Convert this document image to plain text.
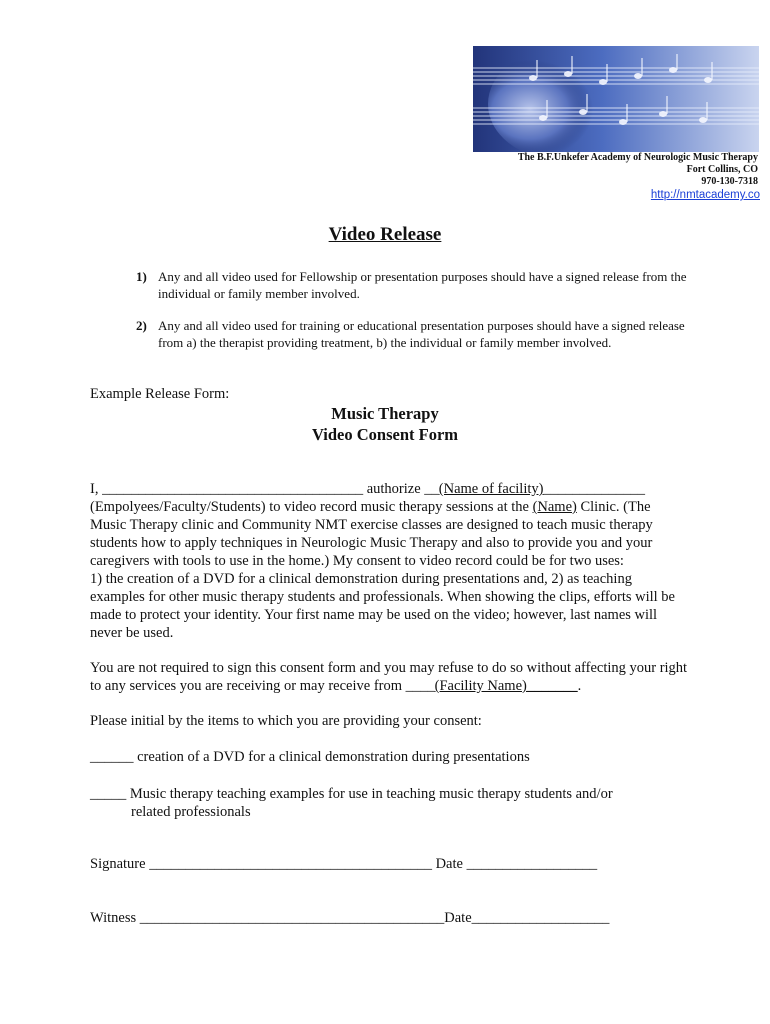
The B.F.Unkefer Academy of Neurologic Music Therapy
Fort Collins, CO
970-130-7318
http://nmtacademy.co
Video Release
1) Any and all video used for Fellowship or presentation purposes should have a signed release from the individual or family member involved.
2) Any and all video used for training or educational presentation purposes should have a signed release from a) the therapist providing treatment, b) the individual or family member involved.
Example Release Form:
Music Therapy
Video Consent Form
I, ____________________________________ authorize __(Name of facility)______________ (Empolyees/Faculty/Students) to video record music therapy sessions at the (Name) Clinic. (The Music Therapy clinic and Community NMT exercise classes are designed to teach music therapy students how to apply techniques in Neurologic Music Therapy and also to provide you and your caregivers with tools to use in the home.) My consent to video record could be for two uses:
1) the creation of a DVD for a clinical demonstration during presentations and, 2) as teaching examples for other music therapy students and professionals. When showing the clips, efforts will be made to protect your identity. Your first name may be used on the video; however, last names will never be used.
You are not required to sign this consent form and you may refuse to do so without affecting your right to any services you are receiving or may receive from ____(Facility Name)_______.
Please initial by the items to which you are providing your consent:
______ creation of a DVD for a clinical demonstration during presentations
_____ Music therapy teaching examples for use in teaching music therapy students and/or
related professionals
Signature _______________________________________ Date __________________
Witness __________________________________________Date___________________
